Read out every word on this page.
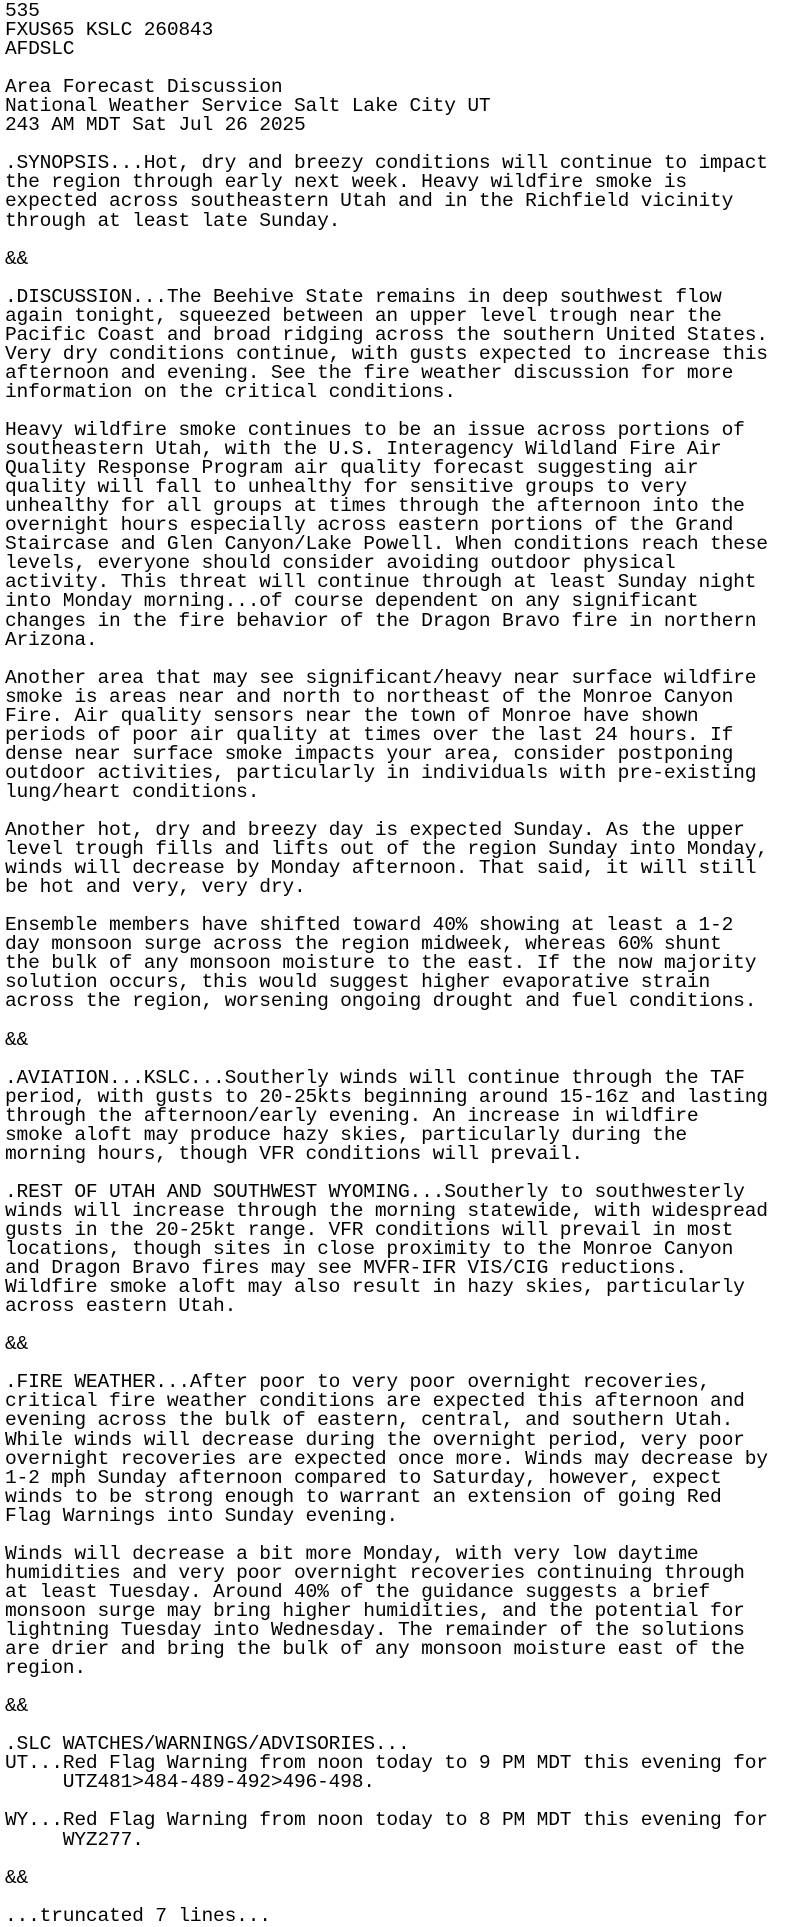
535
FXUS65 KSLC 260843
AFDSLC

Area Forecast Discussion
National Weather Service Salt Lake City UT
243 AM MDT Sat Jul 26 2025

.SYNOPSIS...Hot, dry and breezy conditions will continue to impact
the region through early next week. Heavy wildfire smoke is
expected across southeastern Utah and in the Richfield vicinity
through at least late Sunday.

&&

.DISCUSSION...The Beehive State remains in deep southwest flow
again tonight, squeezed between an upper level trough near the
Pacific Coast and broad ridging across the southern United States.
Very dry conditions continue, with gusts expected to increase this
afternoon and evening. See the fire weather discussion for more
information on the critical conditions.

Heavy wildfire smoke continues to be an issue across portions of
southeastern Utah, with the U.S. Interagency Wildland Fire Air
Quality Response Program air quality forecast suggesting air
quality will fall to unhealthy for sensitive groups to very
unhealthy for all groups at times through the afternoon into the
overnight hours especially across eastern portions of the Grand
Staircase and Glen Canyon/Lake Powell. When conditions reach these
levels, everyone should consider avoiding outdoor physical
activity. This threat will continue through at least Sunday night
into Monday morning...of course dependent on any significant
changes in the fire behavior of the Dragon Bravo fire in northern
Arizona.

Another area that may see significant/heavy near surface wildfire
smoke is areas near and north to northeast of the Monroe Canyon
Fire. Air quality sensors near the town of Monroe have shown
periods of poor air quality at times over the last 24 hours. If
dense near surface smoke impacts your area, consider postponing
outdoor activities, particularly in individuals with pre-existing
lung/heart conditions.

Another hot, dry and breezy day is expected Sunday. As the upper
level trough fills and lifts out of the region Sunday into Monday,
winds will decrease by Monday afternoon. That said, it will still
be hot and very, very dry.

Ensemble members have shifted toward 40% showing at least a 1-2
day monsoon surge across the region midweek, whereas 60% shunt
the bulk of any monsoon moisture to the east. If the now majority
solution occurs, this would suggest higher evaporative strain
across the region, worsening ongoing drought and fuel conditions.

&&

.AVIATION...KSLC...Southerly winds will continue through the TAF
period, with gusts to 20-25kts beginning around 15-16z and lasting
through the afternoon/early evening. An increase in wildfire
smoke aloft may produce hazy skies, particularly during the
morning hours, though VFR conditions will prevail.

.REST OF UTAH AND SOUTHWEST WYOMING...Southerly to southwesterly
winds will increase through the morning statewide, with widespread
gusts in the 20-25kt range. VFR conditions will prevail in most
locations, though sites in close proximity to the Monroe Canyon
and Dragon Bravo fires may see MVFR-IFR VIS/CIG reductions.
Wildfire smoke aloft may also result in hazy skies, particularly
across eastern Utah.

&&

.FIRE WEATHER...After poor to very poor overnight recoveries,
critical fire weather conditions are expected this afternoon and
evening across the bulk of eastern, central, and southern Utah.
While winds will decrease during the overnight period, very poor
overnight recoveries are expected once more. Winds may decrease by
1-2 mph Sunday afternoon compared to Saturday, however, expect
winds to be strong enough to warrant an extension of going Red
Flag Warnings into Sunday evening.

Winds will decrease a bit more Monday, with very low daytime
humidities and very poor overnight recoveries continuing through
at least Tuesday. Around 40% of the guidance suggests a brief
monsoon surge may bring higher humidities, and the potential for
lightning Tuesday into Wednesday. The remainder of the solutions
are drier and bring the bulk of any monsoon moisture east of the
region.

&&

.SLC WATCHES/WARNINGS/ADVISORIES...
UT...Red Flag Warning from noon today to 9 PM MDT this evening for
UTZ481>484-489-492>496-498.

WY...Red Flag Warning from noon today to 8 PM MDT this evening for
WYZ277.

&&

...truncated 7 lines...
